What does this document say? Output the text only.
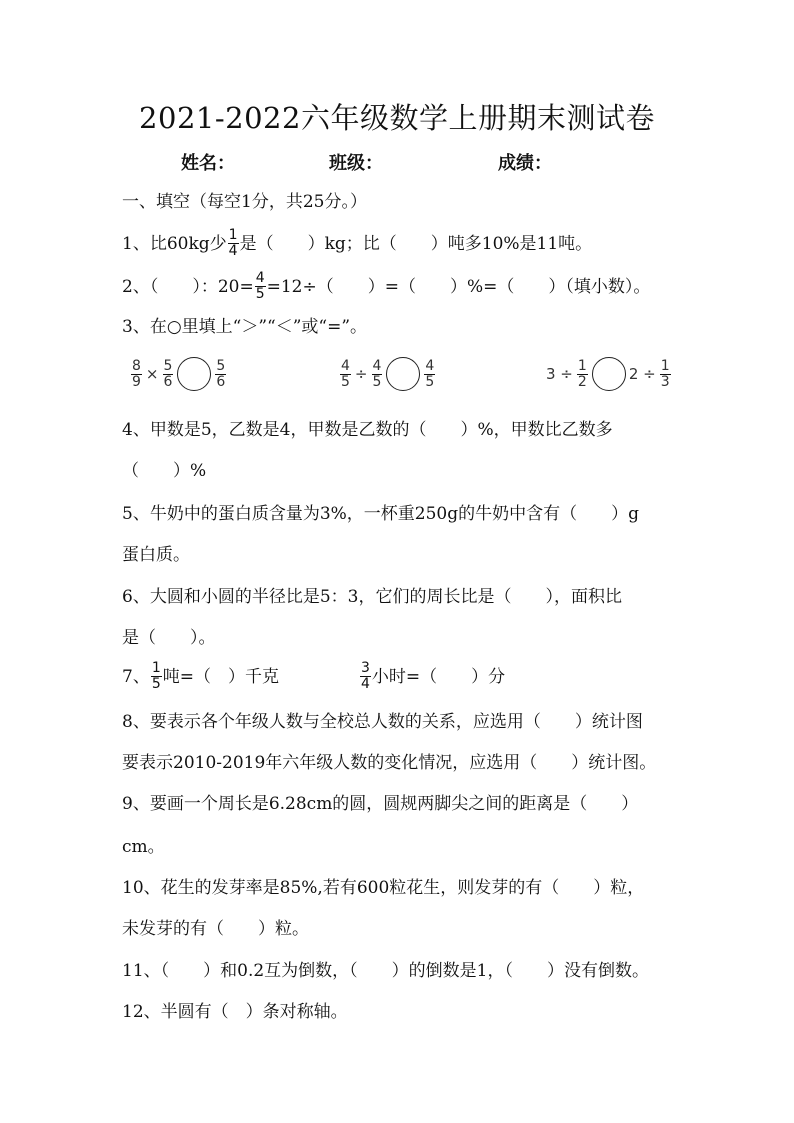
2021-2022六年级数学上册期末测试卷
姓名：	班级：	成绩：
一、填空（每空1分，共25分。）
1、比 60kg 少 $\frac{1}{4}$ 是（　　）kg；比（　　）吨多10%是11吨。
2、（　　）：$20= \frac{4}{5} =12\div$（　　）=（　　）%=（　　）（填小数）。
3、在○里填上“＞”“＜”或“=”。
$\frac{8}{9} \times \frac{5}{6}$	$\frac{5}{6}$	$\frac{4}{5} \div \frac{4}{5}$	$\frac{4}{5}$	$3 \div \frac{1}{2}$	$2 \div \frac{1}{3}$
4、甲数是5，乙数是4，甲数是乙数的（　　）%，甲数比乙数多
（　　）%
5、牛奶中的蛋白质含量为3%，一杯重250g的牛奶中含有（　　）g
蛋白质。
6、大圆和小圆的半径比是5：3，它们的周长比是（　　），面积比
是（　　）。
7、 $\frac{1}{5}$ 吨=（　）千克	$\frac{3}{4}$ 小时=（　　）分
8、要表示各个年级人数与全校总人数的关系，应选用（　　）统计图
要表示2010-2019年六年级人数的变化情况，应选用（　　）统计图。
9、要画一个周长是6.28cm的圆，圆规两脚尖之间的距离是（　　）
cm。
10、花生的发芽率是85%,若有600粒花生，则发芽的有（　　）粒，
未发芽的有（　　）粒。
11、（　　）和0.2互为倒数，（　　）的倒数是1，（　　）没有倒数。
12、半圆有（　）条对称轴。
